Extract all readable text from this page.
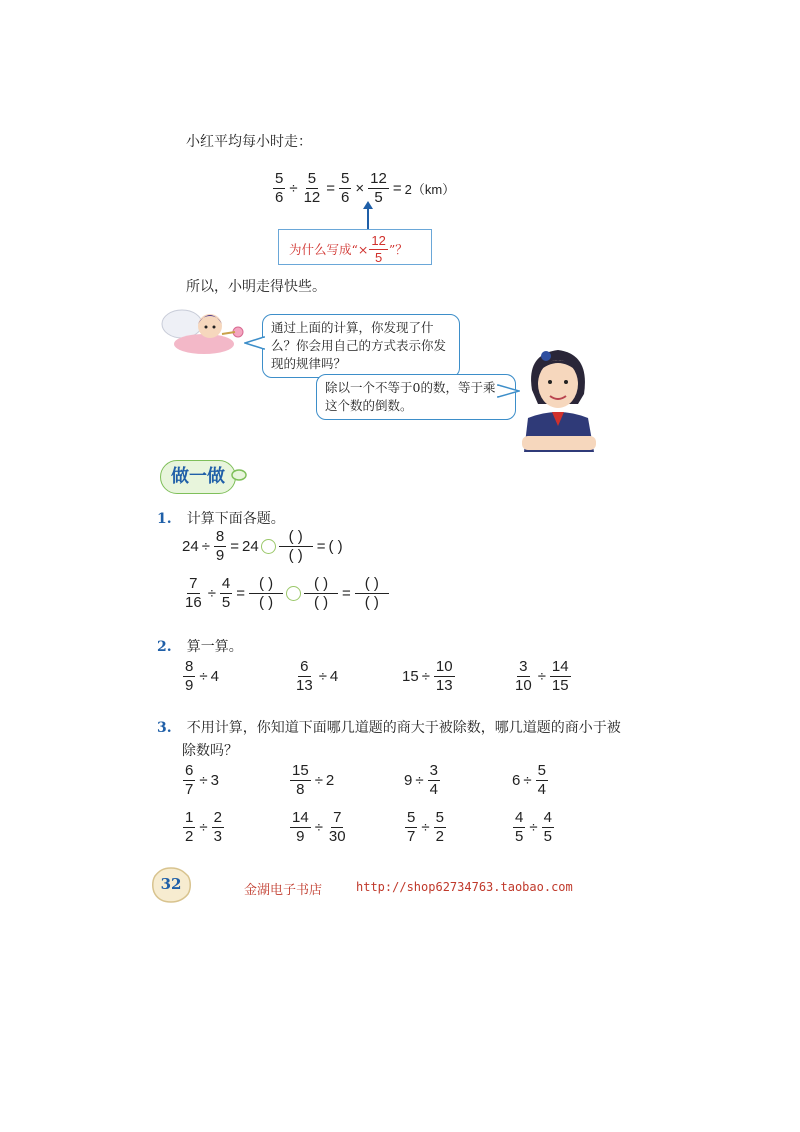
小红平均每小时走：
$\frac{5}{6} \div \frac{5}{12} = \frac{5}{6} \times \frac{12}{5} = 2(km)$
为什么写成“× $\frac{12}{5}$ ”？
所以，小明走得快些。
通过上面的计算，你发现了什么？你会用自己的方式表示你发现的规律吗？
除以一个不等于0的数，等于乘这个数的倒数。
做一做
1. 计算下面各题。
$24 \div \frac{8}{9} = 24 \frac{( )}{( )}$ = ( )
$\frac{7}{16} \div \frac{4}{5} = \frac{( )}{( )} \frac{( )}{( )} = \frac{( )}{( )}$
2. 算一算。
$\frac{8}{9} \div 4$	$\frac{6}{13} \div 4$	$15 \div \frac{10}{13}$	$\frac{3}{10} \div \frac{14}{15}$
3. 不用计算，你知道下面哪几道题的商大于被除数，哪几道题的商小于被
除数吗？
$\frac{6}{7} \div 3$	$\frac{15}{8} \div 2$	$9 \div \frac{3}{4}$	$6 \div \frac{5}{4}$
$\frac{1}{2} \div \frac{2}{3}$	$\frac{14}{9} \div \frac{7}{30}$	$\frac{5}{7} \div \frac{5}{2}$	$\frac{4}{5} \div \frac{4}{5}$
32	金湖电子书店	http://shop62734763.taobao.com
